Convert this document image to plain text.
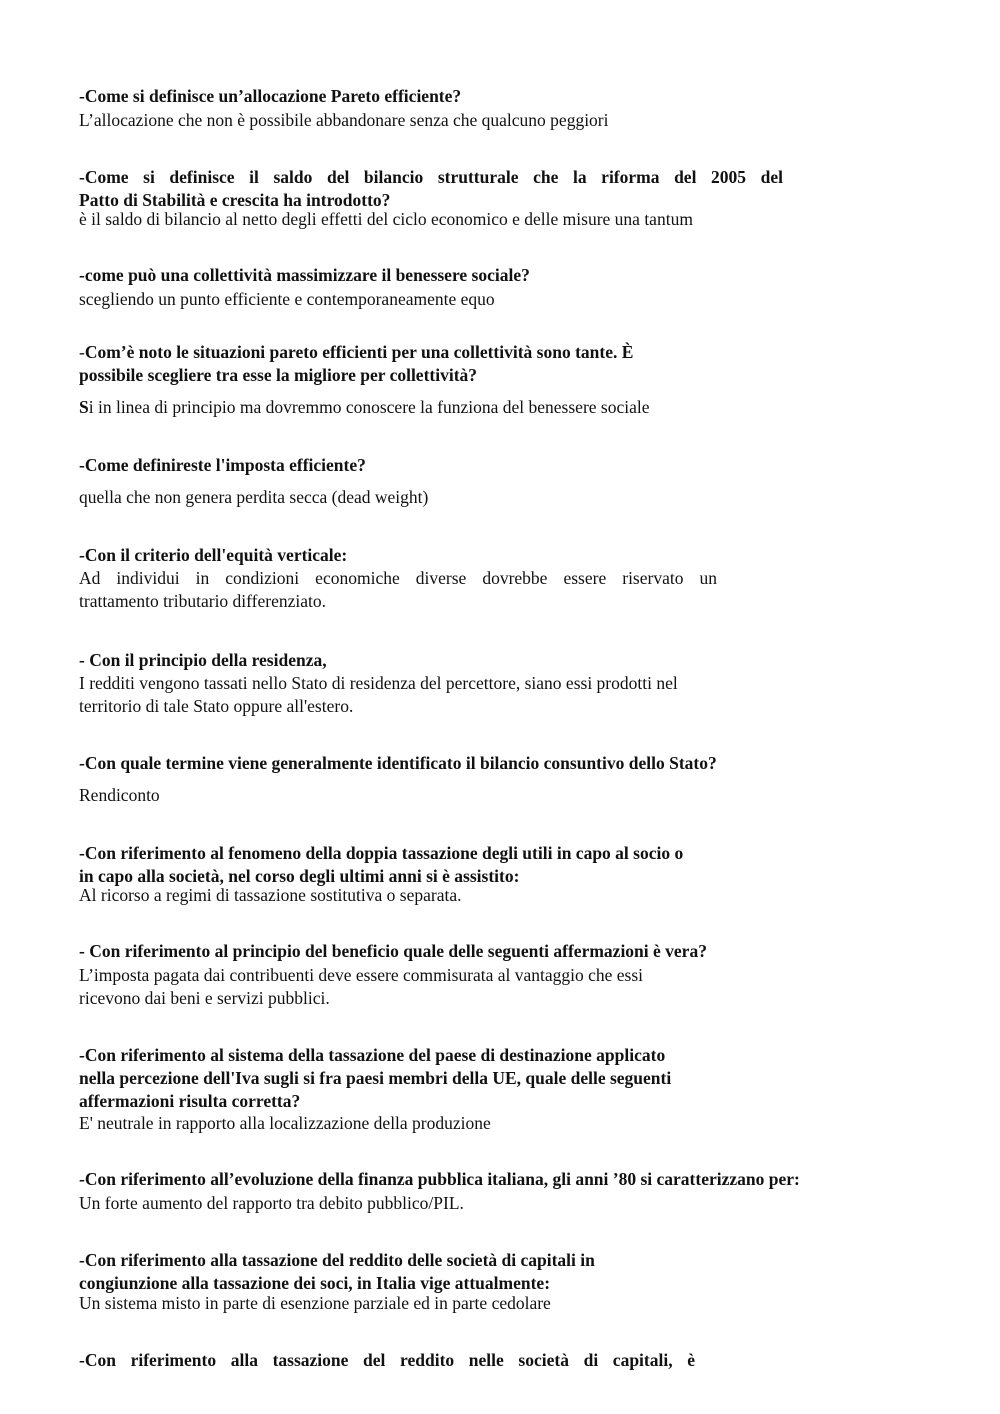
-Come si definisce un’allocazione Pareto efficiente?
L’allocazione che non è possibile abbandonare senza che qualcuno peggiori
-Come si definisce il saldo del bilancio strutturale che la riforma del 2005 del
Patto di Stabilità e crescita ha introdotto?
è il saldo di bilancio al netto degli effetti del ciclo economico e delle misure una tantum
-come può una collettività massimizzare il benessere sociale?
scegliendo un punto efficiente e contemporaneamente equo
-Com’è noto le situazioni pareto efficienti per una collettività sono tante. È
possibile scegliere tra esse la migliore per collettività?
Si in linea di principio ma dovremmo conoscere la funziona del benessere sociale
-Come definireste l'imposta efficiente?
quella che non genera perdita secca (dead weight)
-Con il criterio dell'equità verticale:
Ad individui in condizioni economiche diverse dovrebbe essere riservato un
trattamento tributario differenziato.
- Con il principio della residenza,
I redditi vengono tassati nello Stato di residenza del percettore, siano essi prodotti nel
territorio di tale Stato oppure all'estero.
-Con quale termine viene generalmente identificato il bilancio consuntivo dello Stato?
Rendiconto
-Con riferimento al fenomeno della doppia tassazione degli utili in capo al socio o
in capo alla società, nel corso degli ultimi anni si è assistito:
Al ricorso a regimi di tassazione sostitutiva o separata.
- Con riferimento al principio del beneficio quale delle seguenti affermazioni è vera?
L’imposta pagata dai contribuenti deve essere commisurata al vantaggio che essi
ricevono dai beni e servizi pubblici.
-Con riferimento al sistema della tassazione del paese di destinazione applicato
nella percezione dell'Iva sugli si fra paesi membri della UE, quale delle seguenti
affermazioni risulta corretta?
E' neutrale in rapporto alla localizzazione della produzione
-Con riferimento all’evoluzione della finanza pubblica italiana, gli anni ’80 si caratterizzano per:
Un forte aumento del rapporto tra debito pubblico/PIL.
-Con riferimento alla tassazione del reddito delle società di capitali in
congiunzione alla tassazione dei soci, in Italia vige attualmente:
Un sistema misto in parte di esenzione parziale ed in parte cedolare
-Con riferimento alla tassazione del reddito nelle società di capitali, è
